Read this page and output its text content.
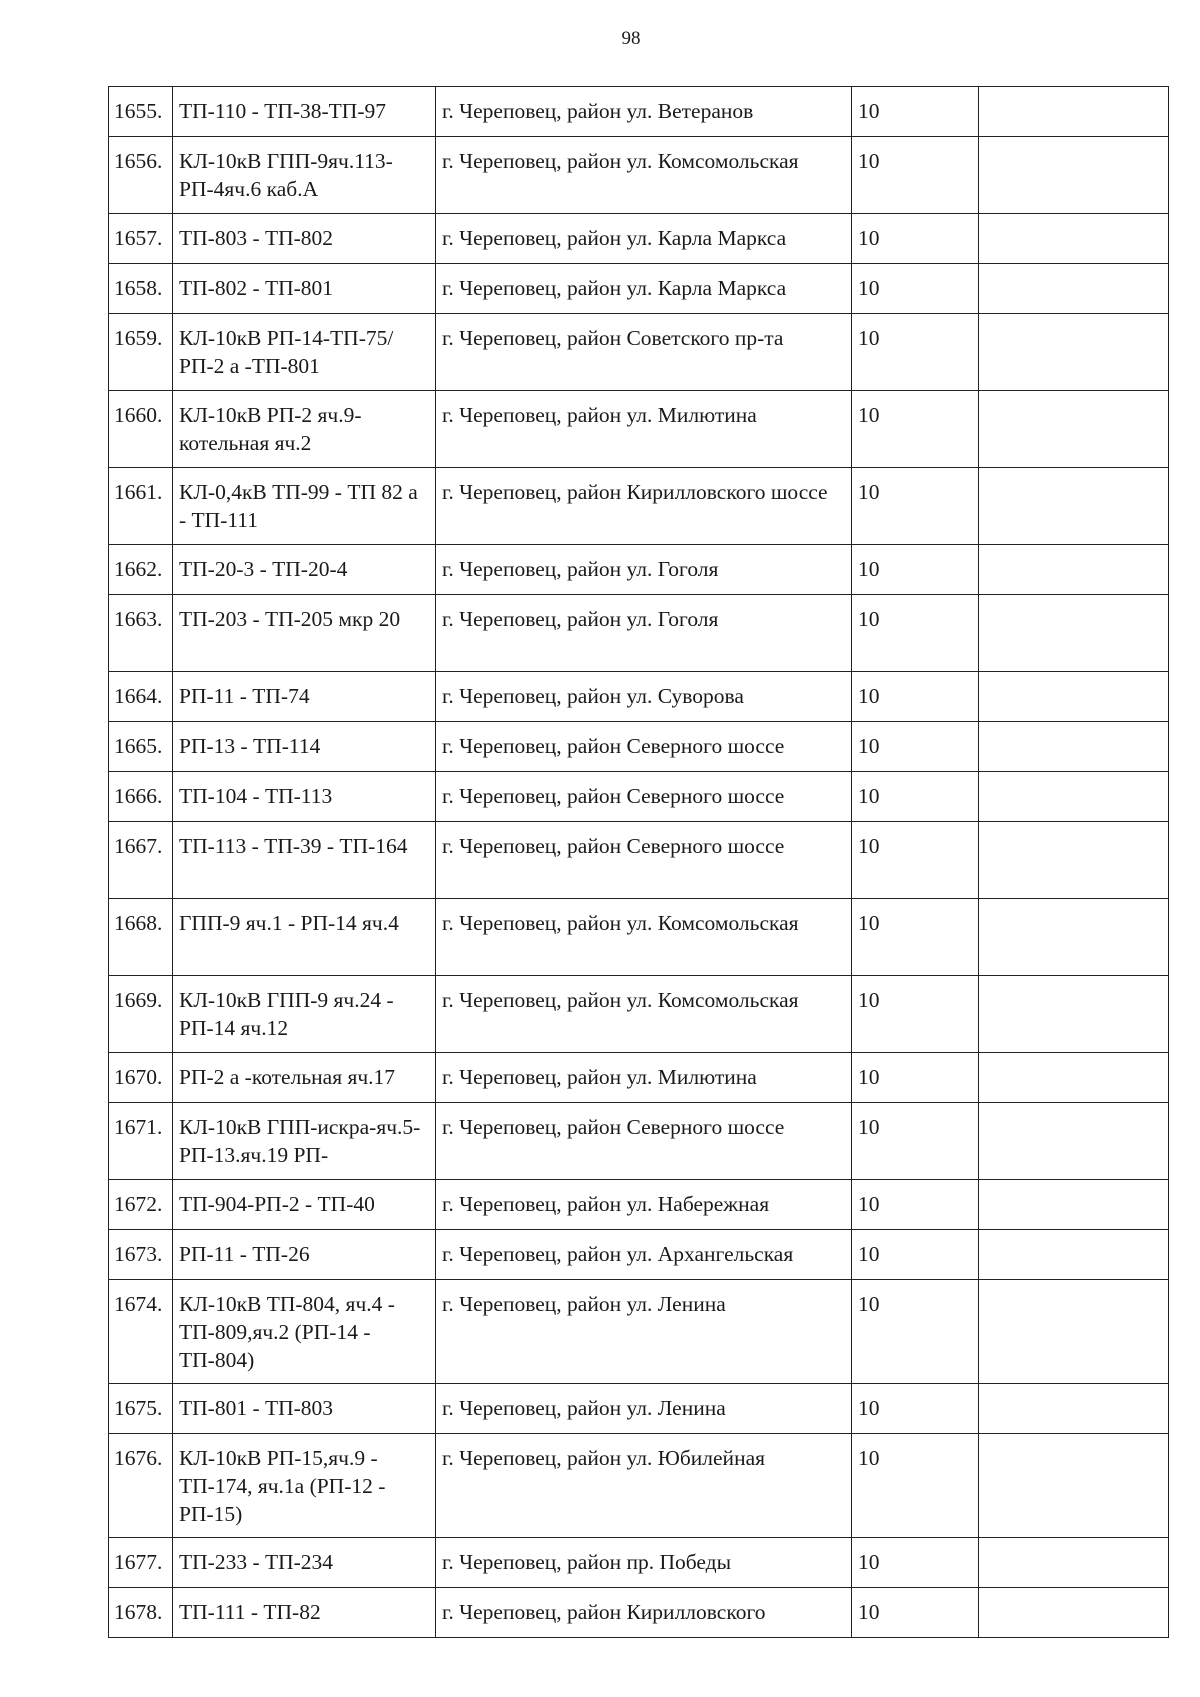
98
1655.	ТП-110 - ТП-38-ТП-97	г. Череповец, район ул. Ветеранов	10	
1656.	КЛ-10кВ ГПП-9яч.113-РП-4яч.6 каб.А	г. Череповец, район ул. Комсомольская	10	
1657.	ТП-803 - ТП-802	г. Череповец, район ул. Карла Маркса	10	
1658.	ТП-802 - ТП-801	г. Череповец, район ул. Карла Маркса	10	
1659.	КЛ-10кВ РП-14-ТП-75/РП-2 а -ТП-801	г. Череповец, район Советского пр-та	10	
1660.	КЛ-10кВ РП-2 яч.9-котельная яч.2	г. Череповец, район ул. Милютина	10	
1661.	КЛ-0,4кВ ТП-99 - ТП 82 а - ТП-111	г. Череповец, район Кирилловского шоссе	10	
1662.	ТП-20-3 - ТП-20-4	г. Череповец, район ул. Гоголя	10	
1663.	ТП-203 - ТП-205 мкр 20	г. Череповец, район ул. Гоголя	10	
1664.	РП-11 - ТП-74	г. Череповец, район ул. Суворова	10	
1665.	РП-13 - ТП-114	г. Череповец, район Северного шоссе	10	
1666.	ТП-104 - ТП-113	г. Череповец, район Северного шоссе	10	
1667.	ТП-113 - ТП-39 - ТП-164	г. Череповец, район Северного шоссе	10	
1668.	ГПП-9 яч.1 - РП-14 яч.4	г. Череповец, район ул. Комсомольская	10	
1669.	КЛ-10кВ ГПП-9 яч.24 - РП-14 яч.12	г. Череповец, район ул. Комсомольская	10	
1670.	РП-2 а -котельная яч.17	г. Череповец, район ул. Милютина	10	
1671.	КЛ-10кВ ГПП-искра-яч.5-РП-13.яч.19 РП-	г. Череповец, район Северного шоссе	10	
1672.	ТП-904-РП-2 - ТП-40	г. Череповец, район ул. Набережная	10	
1673.	РП-11 - ТП-26	г. Череповец, район ул. Архангельская	10	
1674.	КЛ-10кВ ТП-804, яч.4 - ТП-809,яч.2 (РП-14 - ТП-804)	г. Череповец, район ул. Ленина	10	
1675.	ТП-801 - ТП-803	г. Череповец, район ул. Ленина	10	
1676.	КЛ-10кВ РП-15,яч.9 - ТП-174, яч.1а (РП-12 - РП-15)	г. Череповец, район ул. Юбилейная	10	
1677.	ТП-233 - ТП-234	г. Череповец, район пр. Победы	10	
1678.	ТП-111 - ТП-82	г. Череповец, район Кирилловского	10	
